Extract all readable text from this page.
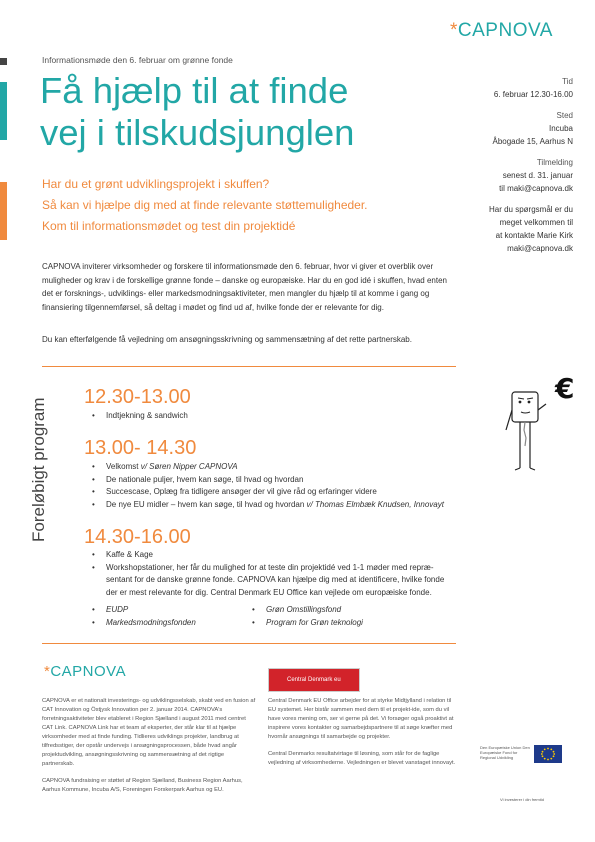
*CAPNOVA
Informationsmøde den 6. februar om grønne fonde
Få hjælp til at finde
vej i tilskudsjunglen
Har du et grønt udviklingsprojekt i skuffen?
Så kan vi hjælpe dig med at finde relevante støttemuligheder.
Kom til informationsmødet og test din projektidé
Tid
6. februar 12.30-16.00
Sted
Incuba
Åbogade 15, Aarhus N
Tilmelding
senest d. 31. januar
til maki@capnova.dk
Har du spørgsmål er du
meget velkommen til
at kontakte Marie Kirk
maki@capnova.dk

CAPNOVA inviterer virksomheder og forskere til informationsmøde den 6. februar, hvor vi giver et overblik over muligheder og krav i de forskellige grønne fonde – danske og europæiske. Har du en god idé i skuffen, hvad enten det er forsknings-, udviklings- eller markedsmodningsaktiviteter, men mangler du hjælp til at komme i gang og finansiering tilgennemførsel, så deltag i mødet og find ud af, hvilke fonde der er relevante for dig.

Du kan efterfølgende få vejledning om ansøgningsskrivning og sammensætning af det rette partnerskab.

Foreløbigt program
12.30-13.00
• Indtjekning & sandwich
13.00- 14.30
• Velkomst v/ Søren Nipper CAPNOVA
• De nationale puljer, hvem kan søge, til hvad og hvordan
• Succescase, Oplæg fra tidligere ansøger der vil give råd og erfaringer videre
• De nye EU midler – hvem kan søge, til hvad og hvordan v/ Thomas Elmbæk Knudsen, Innovayt
14.30-16.00
• Kaffe & Kage
• Workshopstationer, her får du mulighed for at teste din projektidé ved 1-1 møder med repræ-
sentant for de danske grønne fonde. CAPNOVA kan hjælpe dig med at identificere, hvilke fonde
der er mest relevante for dig. Central Denmark EU Office kan vejlede om europæiske fonde.
• EUDP	• Grøn Omstillingsfond
• Markedsmodningsfonden	• Program for Grøn teknologi
€
*CAPNOVA

CAPNOVA er et nationalt investerings- og udviklingsselskab, skabt ved en fusion af CAT Innovation og Östjysk Innovation per 2. januar 2014. CAPNOVA's forretningsaktiviteter blev etableret i Region Sjælland i august 2011 med centret CAT Link. CAPNOVA Link har et team af eksperter, der står klar til at hjælpe virksomheder med at finde funding. Tidlieres udviklings projekter, landbrug at tilfredsstiger, der opstår undervejs i ansøgningsprocessen, både hvad angår projektudvikling, ansøgningsskrivning og sammensætning af det rigtige partnerskab.

CAPNOVA fundraising er støttet af Region Sjælland, Business Region Aarhus, Aarhus Kommune, Incuba A/S, Foreningen Forskerpark Aarhus og EU.

Central Denmark eu

Central Denmark EU Office arbejder for at styrke Midtjylland i relation til EU systemet. Her bistår sammen med dem til et projekt-ide, som du vil have vores mening om, ser vi gerne på det. Vi forsøger også proaktivt at inspirere vores kontakter og samarbejdspartnere til at søge kræfter med hvornår ansøgnings til samarbejde og projekter.

Central Denmarks resultatvirtage til løsning, som står for de faglige vejledning af virksomhederne. Vejledningen er blevet vanstaget innovayt.

Den Europæiske Union Den Europæiske Fond for Regional Udvikling
Vi investerer i din fremtid
